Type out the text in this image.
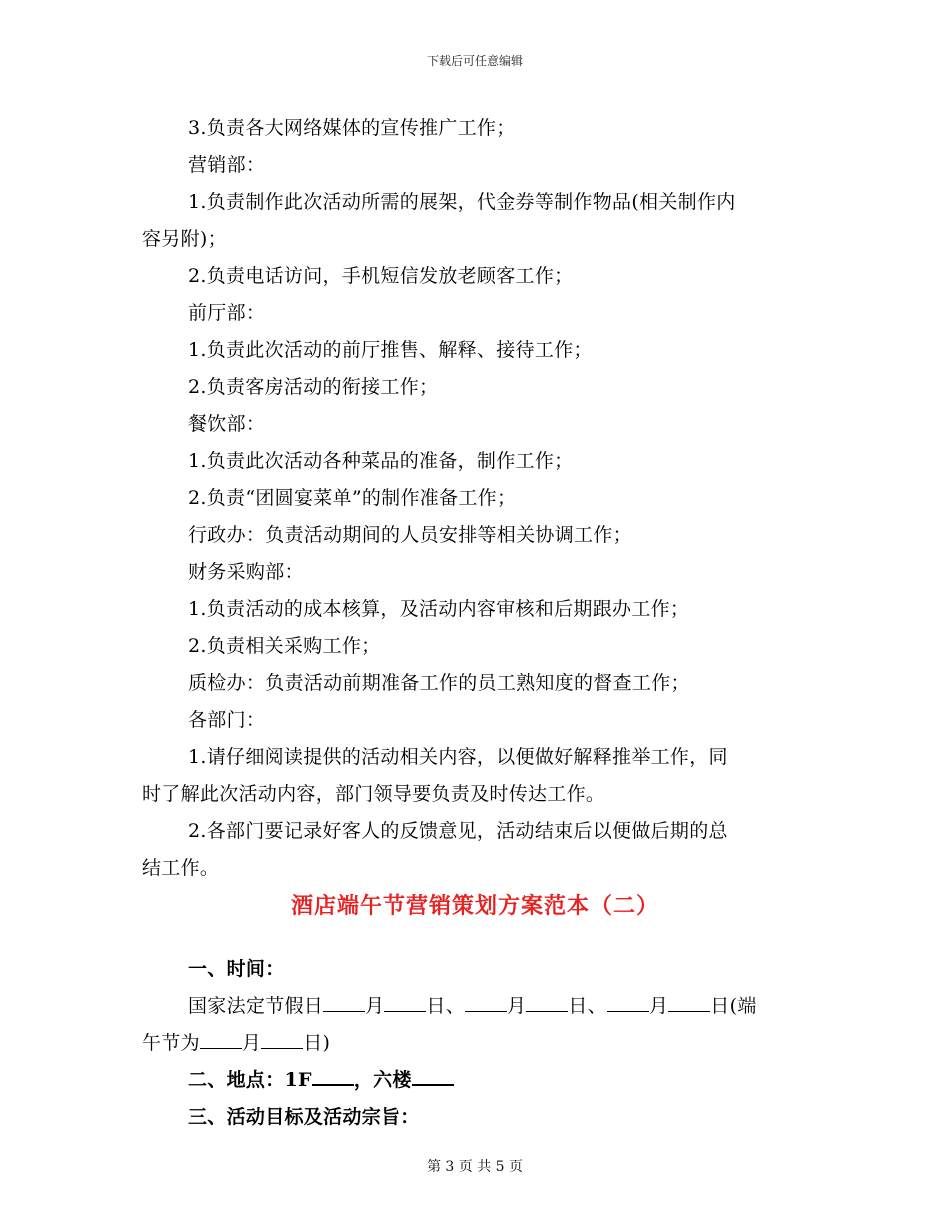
下载后可任意编辑
3.负责各大网络媒体的宣传推广工作；
营销部：
1.负责制作此次活动所需的展架，代金券等制作物品(相关制作内
容另附)；
2.负责电话访问，手机短信发放老顾客工作；
前厅部：
1.负责此次活动的前厅推售、解释、接待工作；
2.负责客房活动的衔接工作；
餐饮部：
1.负责此次活动各种菜品的准备，制作工作；
2.负责“团圆宴菜单”的制作准备工作；
行政办：负责活动期间的人员安排等相关协调工作；
财务采购部：
1.负责活动的成本核算，及活动内容审核和后期跟办工作；
2.负责相关采购工作；
质检办：负责活动前期准备工作的员工熟知度的督查工作；
各部门：
1.请仔细阅读提供的活动相关内容，以便做好解释推举工作，同
时了解此次活动内容，部门领导要负责及时传达工作。
2.各部门要记录好客人的反馈意见，活动结束后以便做后期的总
结工作。
一、时间：
国家法定节假日 月 日、 月 日、 月 日(端
午节为 月 日)
二、地点：1F ，六楼
三、活动目标及活动宗旨：
酒店端午节营销策划方案范本（二）
第 3 页 共 5 页
